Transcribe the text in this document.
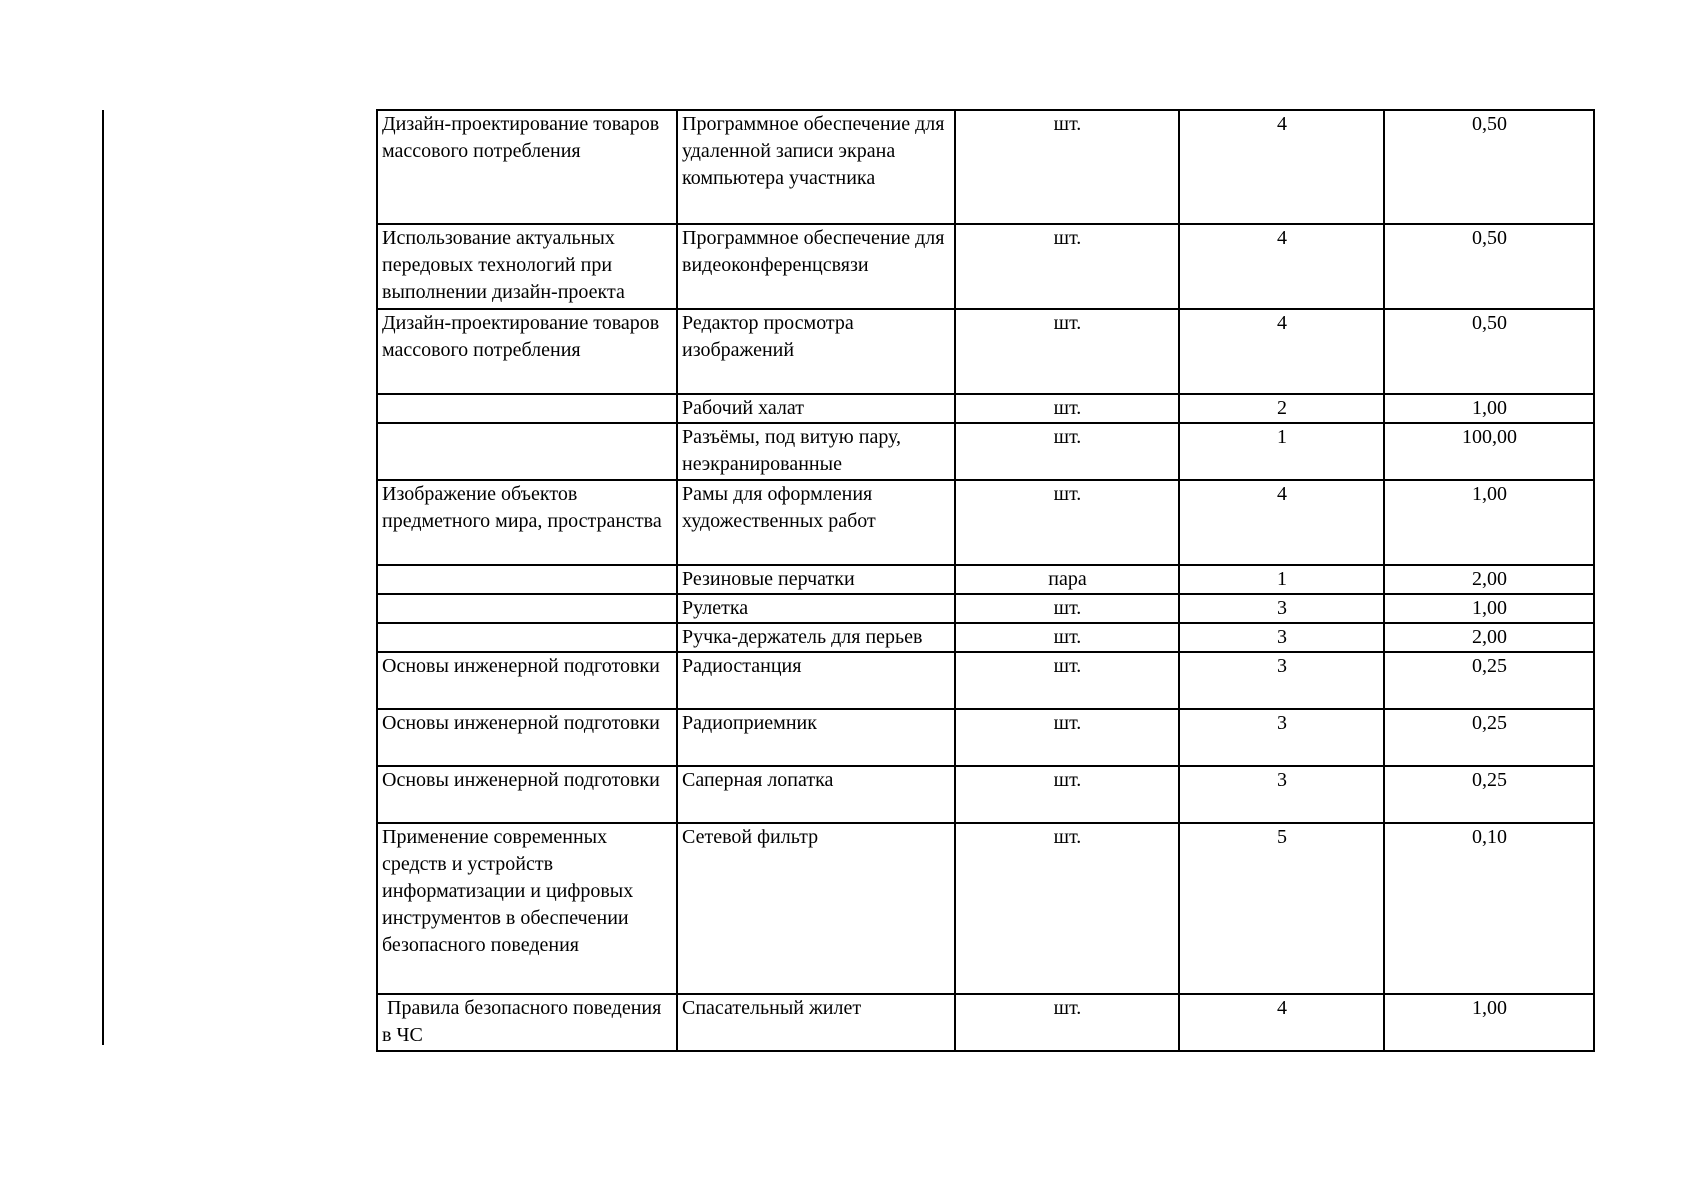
Дизайн-проектирование товаров массового потребления	Программное обеспечение для удаленной записи экрана компьютера участника	шт.	4	0,50
Использование актуальных передовых технологий при выполнении дизайн-проекта	Программное обеспечение для видеоконференцсвязи	шт.	4	0,50
Дизайн-проектирование товаров массового потребления	Редактор просмотра изображений	шт.	4	0,50
	Рабочий халат	шт.	2	1,00
	Разъёмы, под витую пару, неэкранированные	шт.	1	100,00
Изображение объектов предметного мира, пространства	Рамы для оформления художественных работ	шт.	4	1,00
	Резиновые перчатки	пара	1	2,00
	Рулетка	шт.	3	1,00
	Ручка-держатель для перьев	шт.	3	2,00
Основы инженерной подготовки	Радиостанция	шт.	3	0,25
Основы инженерной подготовки	Радиоприемник	шт.	3	0,25
Основы инженерной подготовки	Саперная лопатка	шт.	3	0,25
Применение современных средств и устройств информатизации и цифровых инструментов в обеспечении безопасного поведения	Сетевой фильтр	шт.	5	0,10
Правила безопасного поведения в ЧС	Спасательный жилет	шт.	4	1,00
